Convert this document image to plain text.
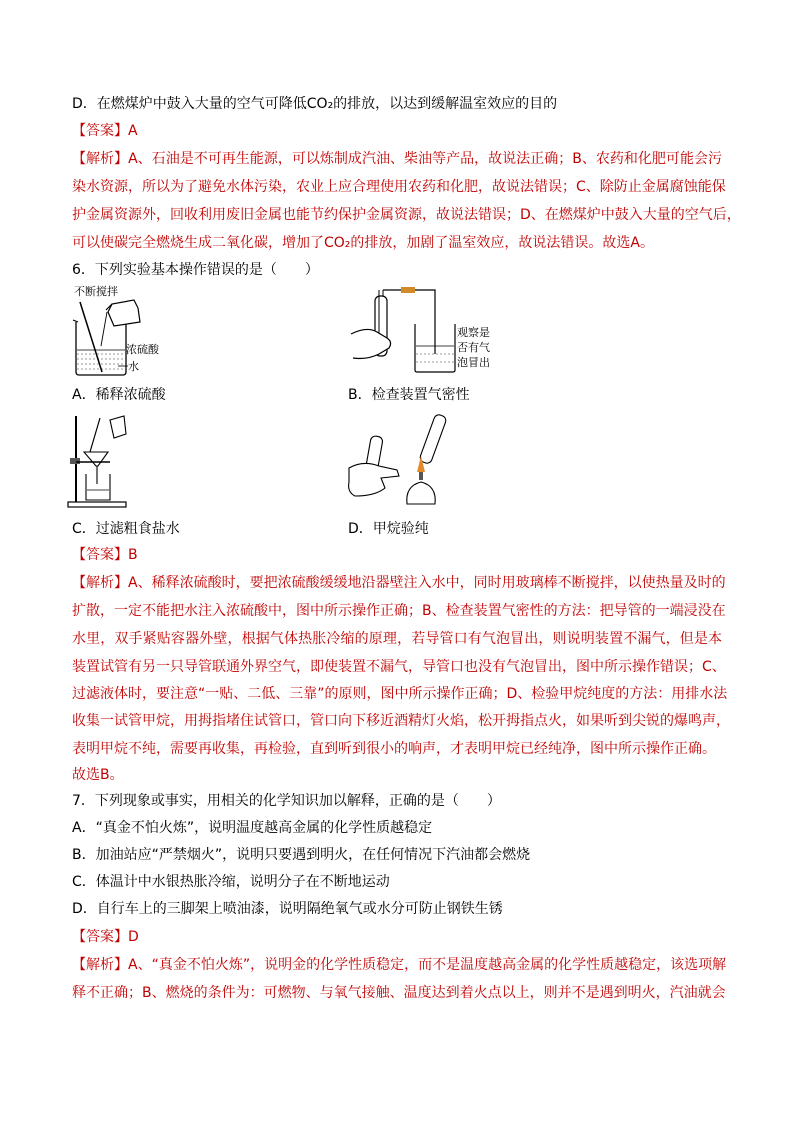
D．在燃煤炉中鼓入大量的空气可降低CO₂的排放，以达到缓解温室效应的目的
【答案】A
【解析】A、石油是不可再生能源，可以炼制成汽油、柴油等产品，故说法正确；B、农药和化肥可能会污
染水资源，所以为了避免水体污染，农业上应合理使用农药和化肥，故说法错误；C、除防止金属腐蚀能保
护金属资源外，回收利用废旧金属也能节约保护金属资源，故说法错误；D、在燃煤炉中鼓入大量的空气后，
可以使碳完全燃烧生成二氧化碳，增加了CO₂的排放，加剧了温室效应，故说法错误。故选A。
6．下列实验基本操作错误的是（　　）
不断搅拌
浓硫酸
水
A．稀释浓硫酸
观察是
否有气
泡冒出
B．检查装置气密性
C．过滤粗食盐水	D．甲烷验纯
【答案】B
【解析】A、稀释浓硫酸时，要把浓硫酸缓缓地沿器壁注入水中，同时用玻璃棒不断搅拌，以使热量及时的
扩散，一定不能把水注入浓硫酸中，图中所示操作正确；B、检查装置气密性的方法：把导管的一端浸没在
水里，双手紧贴容器外壁，根据气体热胀冷缩的原理，若导管口有气泡冒出，则说明装置不漏气，但是本
装置试管有另一只导管联通外界空气，即使装置不漏气，导管口也没有气泡冒出，图中所示操作错误；C、
过滤液体时，要注意“一贴、二低、三靠”的原则，图中所示操作正确；D、检验甲烷纯度的方法：用排水法
收集一试管甲烷，用拇指堵住试管口，管口向下移近酒精灯火焰，松开拇指点火，如果听到尖锐的爆鸣声，
表明甲烷不纯，需要再收集，再检验，直到听到很小的响声，才表明甲烷已经纯净，图中所示操作正确。
故选B。
7．下列现象或事实，用相关的化学知识加以解释，正确的是（　　）
A．“真金不怕火炼”，说明温度越高金属的化学性质越稳定
B．加油站应“严禁烟火”，说明只要遇到明火，在任何情况下汽油都会燃烧
C．体温计中水银热胀冷缩，说明分子在不断地运动
D．自行车上的三脚架上喷油漆，说明隔绝氧气或水分可防止钢铁生锈
【答案】D
【解析】A、“真金不怕火炼”，说明金的化学性质稳定，而不是温度越高金属的化学性质越稳定，该选项解
释不正确；B、燃烧的条件为：可燃物、与氧气接触、温度达到着火点以上，则并不是遇到明火，汽油就会
